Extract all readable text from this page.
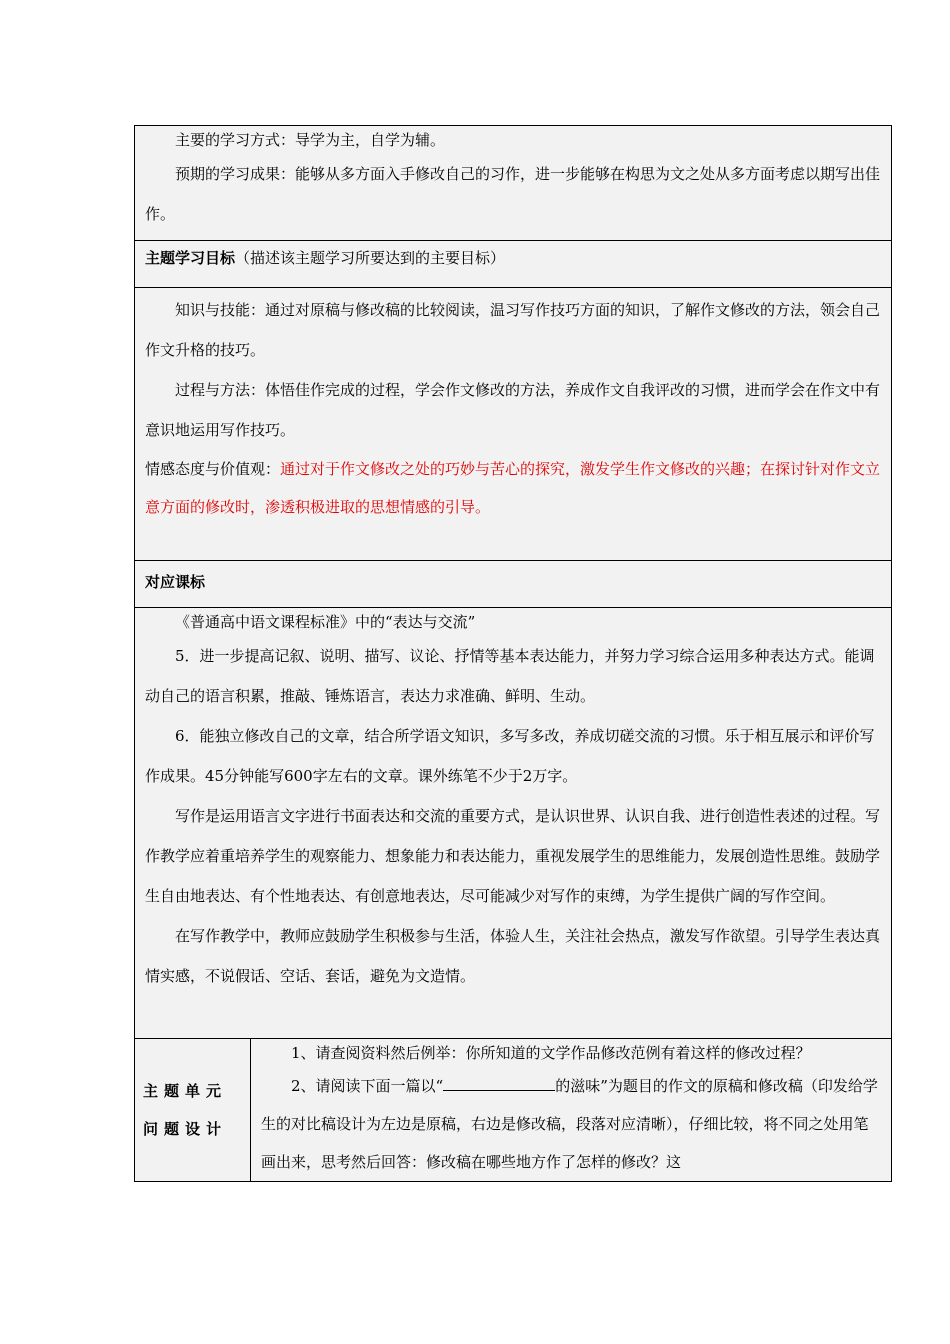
主要的学习方式：导学为主，自学为辅。

预期的学习成果：能够从多方面入手修改自己的习作，进一步能够在构思为文之处从多方面考虑以期写出佳作。

主题学习目标（描述该主题学习所要达到的主要目标）

知识与技能：通过对原稿与修改稿的比较阅读，温习写作技巧方面的知识，了解作文修改的方法，领会自己作文升格的技巧。

过程与方法：体悟佳作完成的过程，学会作文修改的方法，养成作文自我评改的习惯，进而学会在作文中有意识地运用写作技巧。

情感态度与价值观：通过对于作文修改之处的巧妙与苦心的探究，激发学生作文修改的兴趣；在探讨针对作文立意方面的修改时，渗透积极进取的思想情感的引导。

对应课标

《普通高中语文课程标准》中的“表达与交流”

5．进一步提高记叙、说明、描写、议论、抒情等基本表达能力，并努力学习综合运用多种表达方式。能调动自己的语言积累，推敲、锤炼语言，表达力求准确、鲜明、生动。

6．能独立修改自己的文章，结合所学语文知识，多写多改，养成切磋交流的习惯。乐于相互展示和评价写作成果。45分钟能写600字左右的文章。课外练笔不少于2万字。

写作是运用语言文字进行书面表达和交流的重要方式，是认识世界、认识自我、进行创造性表述的过程。写作教学应着重培养学生的观察能力、想象能力和表达能力，重视发展学生的思维能力，发展创造性思维。鼓励学生自由地表达、有个性地表达、有创意地表达，尽可能减少对写作的束缚，为学生提供广阔的写作空间。

在写作教学中，教师应鼓励学生积极参与生活，体验人生，关注社会热点，激发写作欲望。引导学生表达真情实感，不说假话、空话、套话，避免为文造情。

主题单元问题设计

1、请查阅资料然后例举：你所知道的文学作品修改范例有着这样的修改过程？

2、请阅读下面一篇以“	的滋味”为题目的作文的原稿和修改稿（印发给学生的对比稿设计为左边是原稿，右边是修改稿，段落对应清晰），仔细比较，将不同之处用笔画出来，思考然后回答：修改稿在哪些地方作了怎样的修改？这
